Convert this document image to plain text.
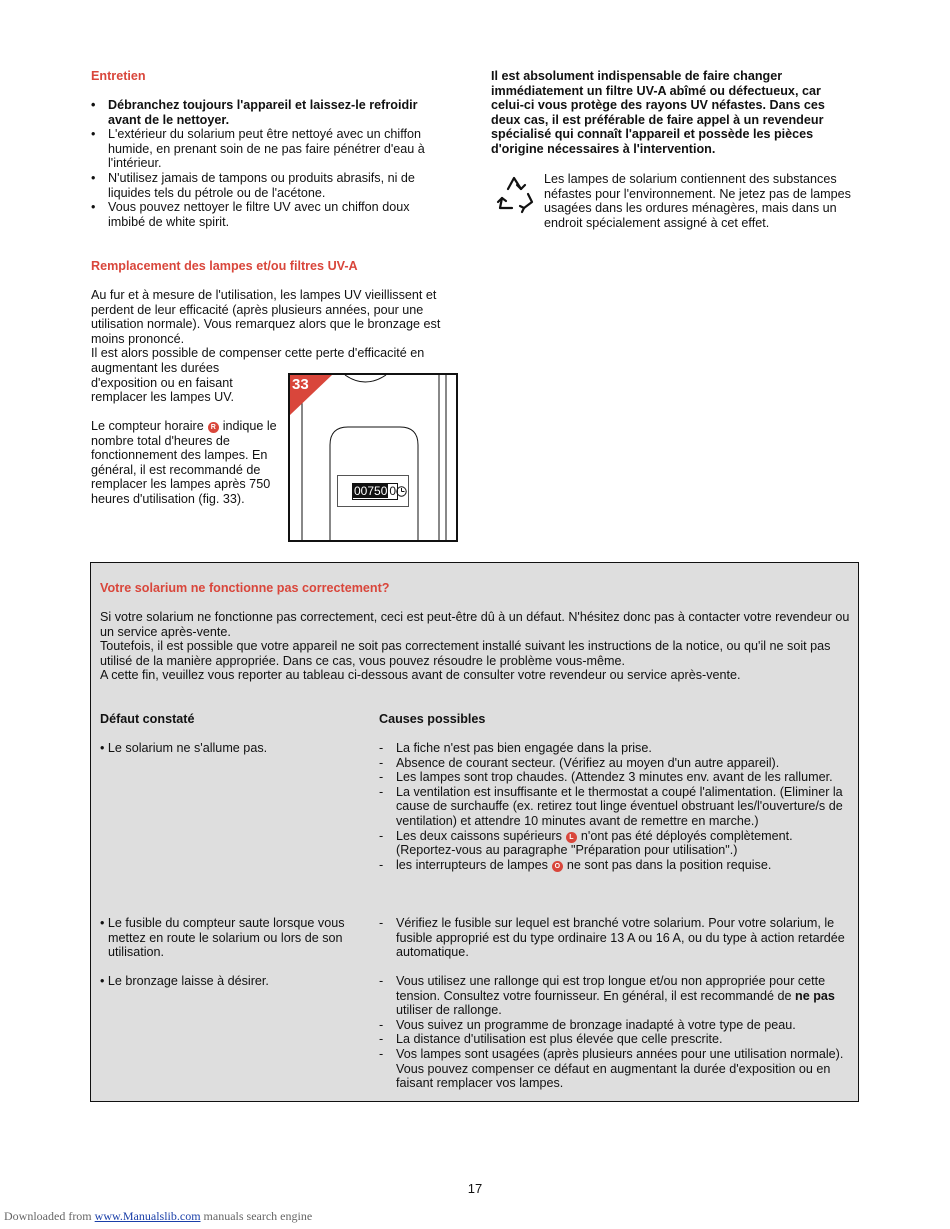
Entretien
• Débranchez toujours l'appareil et laissez-le refroidir avant de le nettoyer.
• L'extérieur du solarium peut être nettoyé avec un chiffon humide, en prenant soin de ne pas faire pénétrer d'eau à l'intérieur.
• N'utilisez jamais de tampons ou produits abrasifs, ni de liquides tels du pétrole ou de l'acétone.
• Vous pouvez nettoyer le filtre UV avec un chiffon doux imbibé de white spirit.
Remplacement des lampes et/ou filtres UV-A

Au fur et à mesure de l'utilisation, les lampes UV vieillissent et perdent de leur efficacité (après plusieurs années, pour une utilisation normale). Vous remarquez alors que le bronzage est moins prononcé.

Il est alors possible de compenser cette perte d'efficacité en

augmentant les durées d'exposition ou en faisant remplacer les lampes UV.

Le compteur horaire R indique le nombre total d'heures de fonctionnement des lampes. En général, il est recommandé de remplacer les lampes après 750 heures d'utilisation (fig. 33).

33
00750 0

Il est absolument indispensable de faire changer immédiatement un filtre UV-A abîmé ou défectueux, car celui-ci vous protège des rayons UV néfastes. Dans ces deux cas, il est préférable de faire appel à un revendeur spécialisé qui connaît l'appareil et possède les pièces d'origine nécessaires à l'intervention.

Les lampes de solarium contiennent des substances néfastes pour l'environnement. Ne jetez pas de lampes usagées dans les ordures ménagères, mais dans un endroit spécialement assigné à cet effet.

Votre solarium ne fonctionne pas correctement?

Si votre solarium ne fonctionne pas correctement, ceci est peut-être dû à un défaut. N'hésitez donc pas à contacter votre revendeur ou un service après-vente.

Toutefois, il est possible que votre appareil ne soit pas correctement installé suivant les instructions de la notice, ou qu'il ne soit pas utilisé de la manière appropriée. Dans ce cas, vous pouvez résoudre le problème vous-même.

A cette fin, veuillez vous reporter au tableau ci-dessous avant de consulter votre revendeur ou service après-vente.

Défaut constaté	Causes possibles
• Le solarium ne s'allume pas.	- La fiche n'est pas bien engagée dans la prise.
- Absence de courant secteur. (Vérifiez au moyen d'un autre appareil).
- Les lampes sont trop chaudes. (Attendez 3 minutes env. avant de les rallumer.
- La ventilation est insuffisante et le thermostat a coupé l'alimentation. (Eliminer la cause de surchauffe (ex. retirez tout linge éventuel obstruant les/l'ouverture/s de ventilation) et attendre 10 minutes avant de remettre en marche.)
- Les deux caissons supérieurs L n'ont pas été déployés complètement. (Reportez-vous au paragraphe "Préparation pour utilisation".)
- les interrupteurs de lampes O ne sont pas dans la position requise.

• Le fusible du compteur saute lorsque vous mettez en route le solarium ou lors de son utilisation.

- Vérifiez le fusible sur lequel est branché votre solarium. Pour votre solarium, le fusible approprié est du type ordinaire 13 A ou 16 A, ou du type à action retardée automatique.
• Le bronzage laisse à désirer.	- Vous utilisez une rallonge qui est trop longue et/ou non appropriée pour cette tension. Consultez votre fournisseur. En général, il est recommandé de ne pas utiliser de rallonge.
- Vous suivez un programme de bronzage inadapté à votre type de peau.
- La distance d'utilisation est plus élevée que celle prescrite.
- Vos lampes sont usagées (après plusieurs années pour une utilisation normale). Vous pouvez compenser ce défaut en augmentant la durée d'exposition ou en faisant remplacer vos lampes.
17
Downloaded from www.Manualslib.com manuals search engine
